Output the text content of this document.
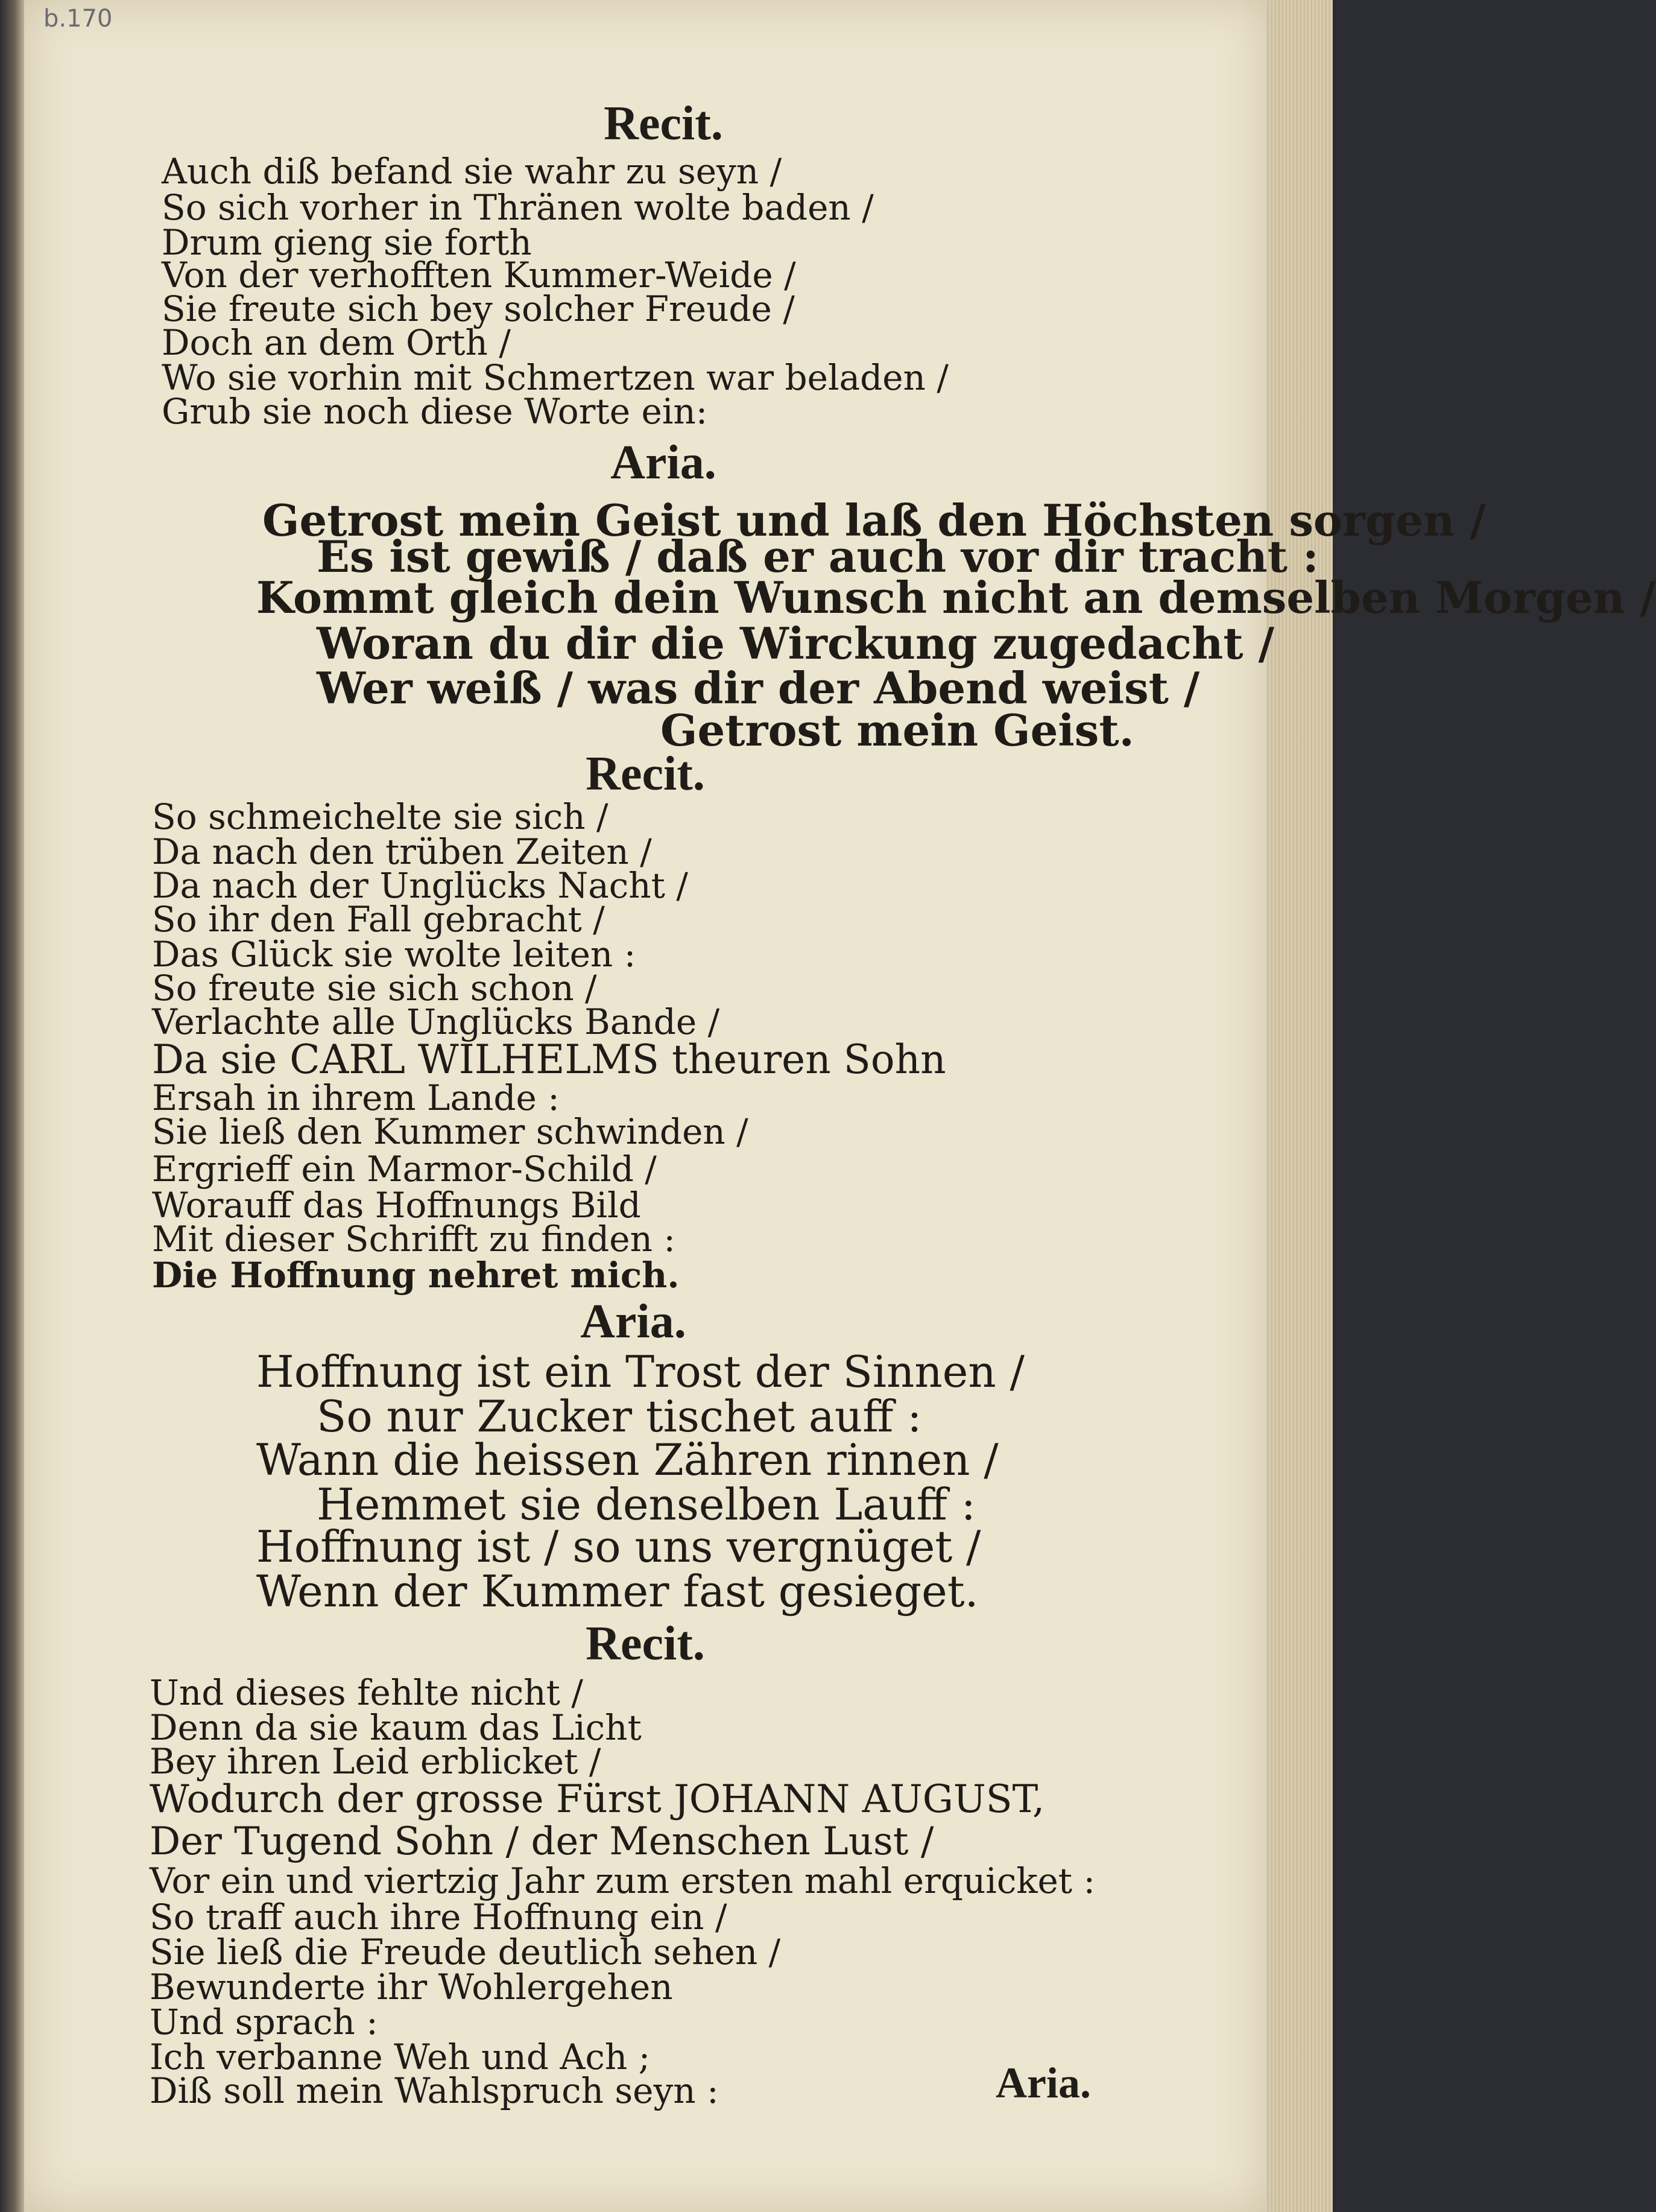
b.170
Recit.
Auch diß befand sie wahr zu seyn /
So sich vorher in Thränen wolte baden /
Drum gieng sie forth
Von der verhofften Kummer-Weide /
Sie freute sich bey solcher Freude /
Doch an dem Orth /
Wo sie vorhin mit Schmertzen war beladen /
Grub sie noch diese Worte ein:
Aria.
Getrost mein Geist und laß den Höchsten sorgen /
Es ist gewiß / daß er auch vor dir tracht :
Kommt gleich dein Wunsch nicht an demselben Morgen /
Woran du dir die Wirckung zugedacht /
Wer weiß / was dir der Abend weist /
Getrost mein Geist.
Recit.
So schmeichelte sie sich /
Da nach den trüben Zeiten /
Da nach der Unglücks Nacht /
So ihr den Fall gebracht /
Das Glück sie wolte leiten :
So freute sie sich schon /
Verlachte alle Unglücks Bande /
Da sie CARL WILHELMS theuren Sohn
Ersah in ihrem Lande :
Sie ließ den Kummer schwinden /
Ergrieff ein Marmor-Schild /
Worauff das Hoffnungs Bild
Mit dieser Schrifft zu finden :
Die Hoffnung nehret mich.
Aria.
Hoffnung ist ein Trost der Sinnen /
So nur Zucker tischet auff :
Wann die heissen Zähren rinnen /
Hemmet sie denselben Lauff :
Hoffnung ist / so uns vergnüget /
Wenn der Kummer fast gesieget.
Recit.
Und dieses fehlte nicht /
Denn da sie kaum das Licht
Bey ihren Leid erblicket /
Wodurch der grosse Fürst JOHANN AUGUST,
Der Tugend Sohn / der Menschen Lust /
Vor ein und viertzig Jahr zum ersten mahl erquicket :
So traff auch ihre Hoffnung ein /
Sie ließ die Freude deutlich sehen /
Bewunderte ihr Wohlergehen
Und sprach :
Ich verbanne Weh und Ach ;
Diß soll mein Wahlspruch seyn :	Aria.
